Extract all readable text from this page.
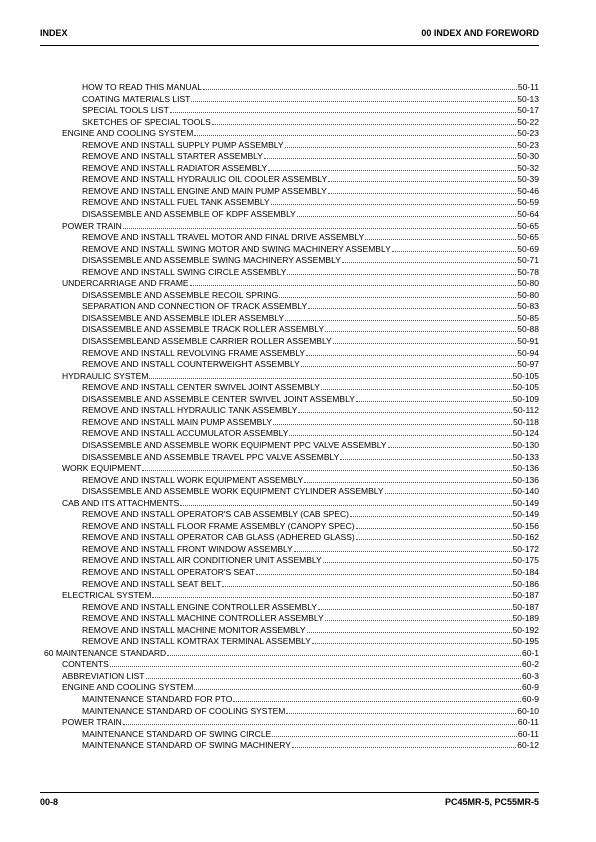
INDEX	00 INDEX AND FOREWORD
HOW TO READ THIS MANUAL	50-11
COATING MATERIALS LIST	50-13
SPECIAL TOOLS LIST	50-17
SKETCHES OF SPECIAL TOOLS	50-22
ENGINE AND COOLING SYSTEM	50-23
REMOVE AND INSTALL SUPPLY PUMP ASSEMBLY	50-23
REMOVE AND INSTALL STARTER ASSEMBLY	50-30
REMOVE AND INSTALL RADIATOR ASSEMBLY	50-32
REMOVE AND INSTALL HYDRAULIC OIL COOLER ASSEMBLY	50-39
REMOVE AND INSTALL ENGINE AND MAIN PUMP ASSEMBLY	50-46
REMOVE AND INSTALL FUEL TANK ASSEMBLY	50-59
DISASSEMBLE AND ASSEMBLE OF KDPF ASSEMBLY	50-64
POWER TRAIN	50-65
REMOVE AND INSTALL TRAVEL MOTOR AND FINAL DRIVE ASSEMBLY	50-65
REMOVE AND INSTALL SWING MOTOR AND SWING MACHINERY ASSEMBLY	50-69
DISASSEMBLE AND ASSEMBLE SWING MACHINERY ASSEMBLY	50-71
REMOVE AND INSTALL SWING CIRCLE ASSEMBLY	50-78
UNDERCARRIAGE AND FRAME	50-80
DISASSEMBLE AND ASSEMBLE RECOIL SPRING	50-80
SEPARATION AND CONNECTION OF TRACK ASSEMBLY	50-83
DISASSEMBLE AND ASSEMBLE IDLER ASSEMBLY	50-85
DISASSEMBLE AND ASSEMBLE TRACK ROLLER ASSEMBLY	50-88
DISASSEMBLEAND ASSEMBLE CARRIER ROLLER ASSEMBLY	50-91
REMOVE AND INSTALL REVOLVING FRAME ASSEMBLY	50-94
REMOVE AND INSTALL COUNTERWEIGHT ASSEMBLY	50-97
HYDRAULIC SYSTEM	50-105
REMOVE AND INSTALL CENTER SWIVEL JOINT ASSEMBLY	50-105
DISASSEMBLE AND ASSEMBLE CENTER SWIVEL JOINT ASSEMBLY	50-109
REMOVE AND INSTALL HYDRAULIC TANK ASSEMBLY	50-112
REMOVE AND INSTALL MAIN PUMP ASSEMBLY	50-118
REMOVE AND INSTALL ACCUMULATOR ASSEMBLY	50-124
DISASSEMBLE AND ASSEMBLE WORK EQUIPMENT PPC VALVE ASSEMBLY	50-130
DISASSEMBLE AND ASSEMBLE TRAVEL PPC VALVE ASSEMBLY	50-133
WORK EQUIPMENT	50-136
REMOVE AND INSTALL WORK EQUIPMENT ASSEMBLY	50-136
DISASSEMBLE AND ASSEMBLE WORK EQUIPMENT CYLINDER ASSEMBLY	50-140
CAB AND ITS ATTACHMENTS	50-149
REMOVE AND INSTALL OPERATOR'S CAB ASSEMBLY (CAB SPEC)	50-149
REMOVE AND INSTALL FLOOR FRAME ASSEMBLY (CANOPY SPEC)	50-156
REMOVE AND INSTALL OPERATOR CAB GLASS (ADHERED GLASS)	50-162
REMOVE AND INSTALL FRONT WINDOW ASSEMBLY	50-172
REMOVE AND INSTALL AIR CONDITIONER UNIT ASSEMBLY	50-175
REMOVE AND INSTALL OPERATOR'S SEAT	50-184
REMOVE AND INSTALL SEAT BELT	50-186
ELECTRICAL SYSTEM	50-187
REMOVE AND INSTALL ENGINE CONTROLLER ASSEMBLY	50-187
REMOVE AND INSTALL MACHINE CONTROLLER ASSEMBLY	50-189
REMOVE AND INSTALL MACHINE MONITOR ASSEMBLY	50-192
REMOVE AND INSTALL KOMTRAX TERMINAL ASSEMBLY	50-195
60 MAINTENANCE STANDARD	60-1
CONTENTS	60-2
ABBREVIATION LIST	60-3
ENGINE AND COOLING SYSTEM	60-9
MAINTENANCE STANDARD FOR PTO	60-9
MAINTENANCE STANDARD OF COOLING SYSTEM	60-10
POWER TRAIN	60-11
MAINTENANCE STANDARD OF SWING CIRCLE	60-11
MAINTENANCE STANDARD OF SWING MACHINERY	60-12
00-8	PC45MR-5, PC55MR-5
